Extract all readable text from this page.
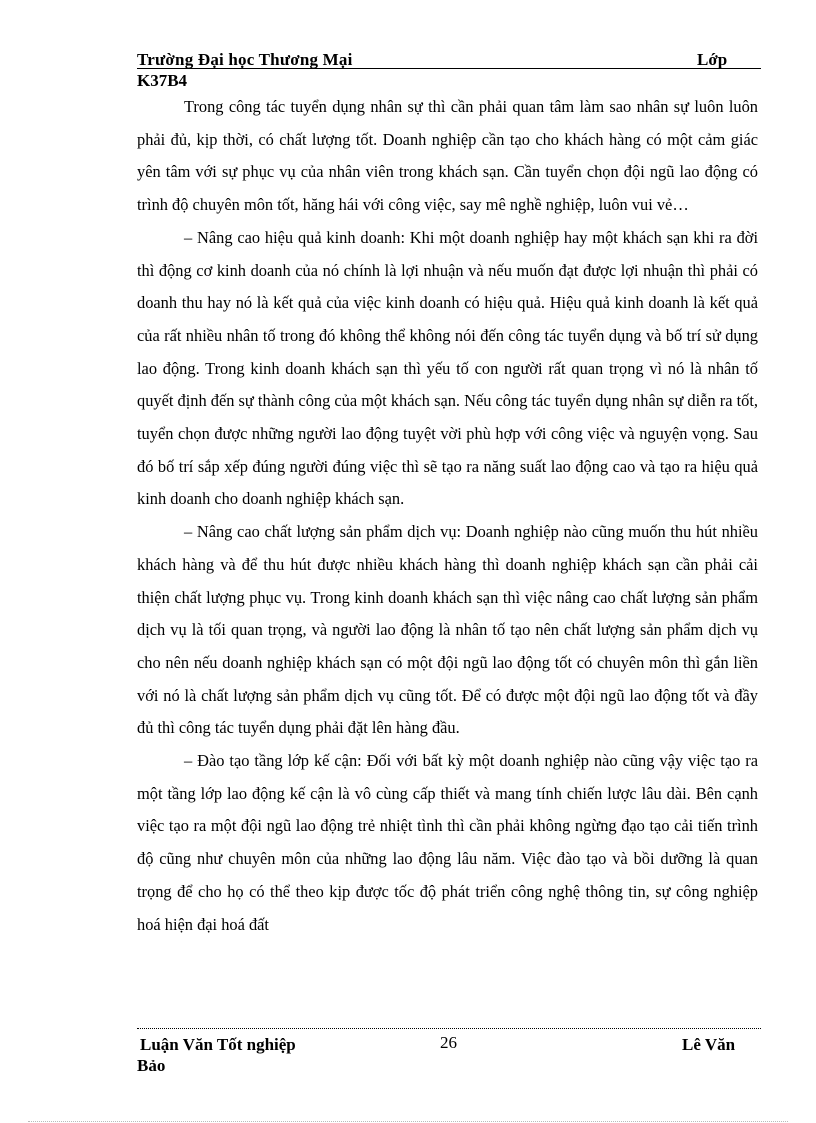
Trường Đại học Thương Mại	Lớp
K37B4

Trong công tác tuyển dụng nhân sự thì cần phải quan tâm làm sao nhân sự luôn luôn phải đủ, kịp thời, có chất lượng tốt. Doanh nghiệp cần tạo cho khách hàng có một cảm giác yên tâm với sự phục vụ của nhân viên trong khách sạn. Cần tuyển chọn đội ngũ lao động có trình độ chuyên môn tốt, hăng hái với công việc, say mê nghề nghiệp, luôn vui vẻ…

– Nâng cao hiệu quả kinh doanh: Khi một doanh nghiệp hay một khách sạn khi ra đời thì động cơ kinh doanh của nó chính là lợi nhuận và nếu muốn đạt được lợi nhuận thì phải có doanh thu hay nó là kết quả của việc kinh doanh có hiệu quả. Hiệu quả kinh doanh là kết quả của rất nhiều nhân tố trong đó không thể không nói đến công tác tuyển dụng và bố trí sử dụng lao động. Trong kinh doanh khách sạn thì yếu tố con người rất quan trọng vì nó là nhân tố quyết định đến sự thành công của một khách sạn. Nếu công tác tuyển dụng nhân sự diễn ra tốt, tuyển chọn được những người lao động tuyệt vời phù hợp với công việc và nguyện vọng. Sau đó bố trí sắp xếp đúng người đúng việc thì sẽ tạo ra năng suất lao động cao và tạo ra hiệu quả kinh doanh cho doanh nghiệp khách sạn.

– Nâng cao chất lượng sản phẩm dịch vụ: Doanh nghiệp nào cũng muốn thu hút nhiều khách hàng và để thu hút được nhiều khách hàng thì doanh nghiệp khách sạn cần phải cải thiện chất lượng phục vụ. Trong kinh doanh khách sạn thì việc nâng cao chất lượng sản phẩm dịch vụ là tối quan trọng, và người lao động là nhân tố tạo nên chất lượng sản phẩm dịch vụ cho nên nếu doanh nghiệp khách sạn có một đội ngũ lao động tốt có chuyên môn thì gắn liền với nó là chất lượng sản phẩm dịch vụ cũng tốt. Để có được một đội ngũ lao động tốt và đầy đủ thì công tác tuyển dụng phải đặt lên hàng đầu.

– Đào tạo tầng lớp kế cận: Đối với bất kỳ một doanh nghiệp nào cũng vậy việc tạo ra một tầng lớp lao động kế cận là vô cùng cấp thiết và mang tính chiến lược lâu dài. Bên cạnh việc tạo ra một đội ngũ lao động trẻ nhiệt tình thì cần phải không ngừng đạo tạo cải tiến trình độ cũng như chuyên môn của những lao động lâu năm. Việc đào tạo và bồi dưỡng là quan trọng để cho họ có thể theo kịp được tốc độ phát triển công nghệ thông tin, sự công nghiệp hoá hiện đại hoá đất

Luận Văn Tốt nghiệp	26	Lê Văn
Bảo
